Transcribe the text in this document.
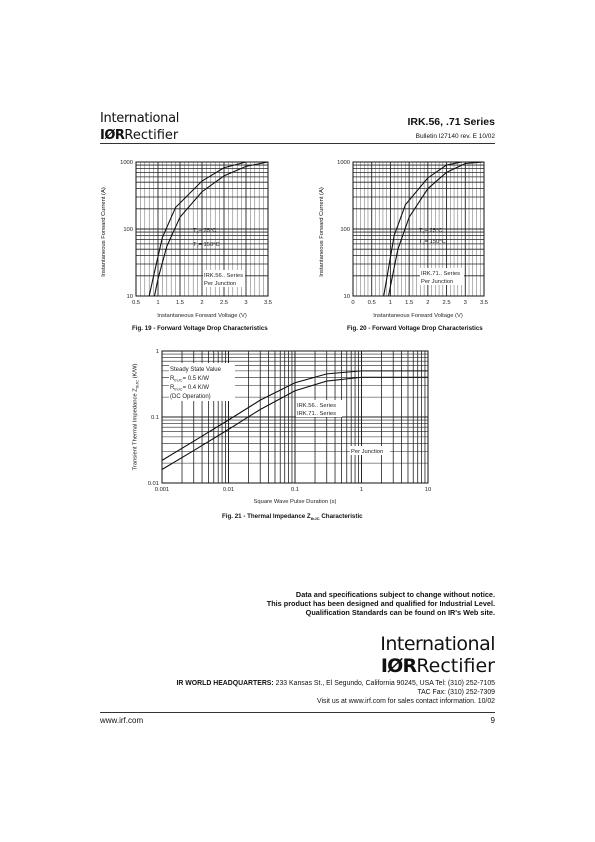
International
IØRRectifier
IRK.56, .71 Series
Bulletin I27140 rev. E 10/02
0.5	1	1.5	2	2.5	3	3.5
10
100
1000
Instantaneous Forward Voltage (V)
$T_J= 25^\circ C$
$T_J= 150^\circ C$
IRK.56.. Series
Per Junction
Fig. 19 - Forward Voltage Drop Characteristics
0 0.5 1 1.5 2 2.5 3 3.5
10
100
1000
Instantaneous Forward Voltage (V)
$T_J= 25^\circ C$
$T_J= 150^\circ C$
IRK.71.. Series
Per Junction
Fig. 20 - Forward Voltage Drop Characteristics
Instantaneous Forward Current (A)	Instantaneous Forward Current (A)
0.001	0.01	0.1	1	10
0.01
0.1
1
Steady State Value
$R_{thJC}= 0.5$ K/W
$R_{thJC}= 0.4$ K/W
(DC Operation)
IRK.56.. Series
IRK.71.. Series
Per Junction
Square Wave Pulse Duration (s)
Transient Thermal Impedance $Z_{thJC}$ (K/W)
Fig. 21 - Thermal Impedance $Z_{thJC}$ Characteristic
Data and specifications subject to change without notice.
This product has been designed and qualified for Industrial Level.
Qualification Standards can be found on IR's Web site.
International
IØRRectifier
IR WORLD HEADQUARTERS: 233 Kansas St., El Segundo, California 90245, USA Tel: (310) 252-7105
TAC Fax: (310) 252-7309
Visit us at www.irf.com for sales contact information. 10/02
www.irf.com	9
